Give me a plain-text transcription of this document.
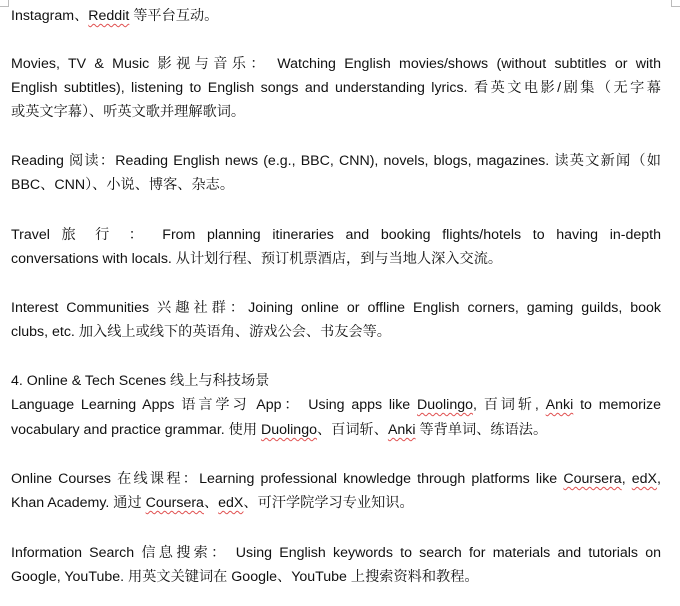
Instagram、Reddit 等平台互动。
Movies, TV & Music 影视与音乐： Watching English movies/shows (without subtitles or with
English subtitles), listening to English songs and understanding lyrics. 看英文电影/剧集（无字幕
或英文字幕）、听英文歌并理解歌词。
Reading 阅读：Reading English news (e.g., BBC, CNN), novels, blogs, magazines. 读英文新闻（如
BBC、CNN）、小说、博客、杂志。
Travel 旅 行 ： From planning itineraries and booking flights/hotels to having in-depth
conversations with locals. 从计划行程、预订机票酒店，到与当地人深入交流。
Interest Communities 兴趣社群：Joining online or offline English corners, gaming guilds, book
clubs, etc. 加入线上或线下的英语角、游戏公会、书友会等。
4. Online & Tech Scenes 线上与科技场景
Language Learning Apps 语言学习 App： Using apps like Duolingo, 百词斩, Anki to memorize
vocabulary and practice grammar. 使用 Duolingo、百词斩、Anki 等背单词、练语法。
Online Courses 在线课程：Learning professional knowledge through platforms like Coursera, edX,
Khan Academy. 通过 Coursera、edX、可汗学院学习专业知识。
Information Search 信息搜索： Using English keywords to search for materials and tutorials on
Google, YouTube. 用英文关键词在 Google、YouTube 上搜索资料和教程。
